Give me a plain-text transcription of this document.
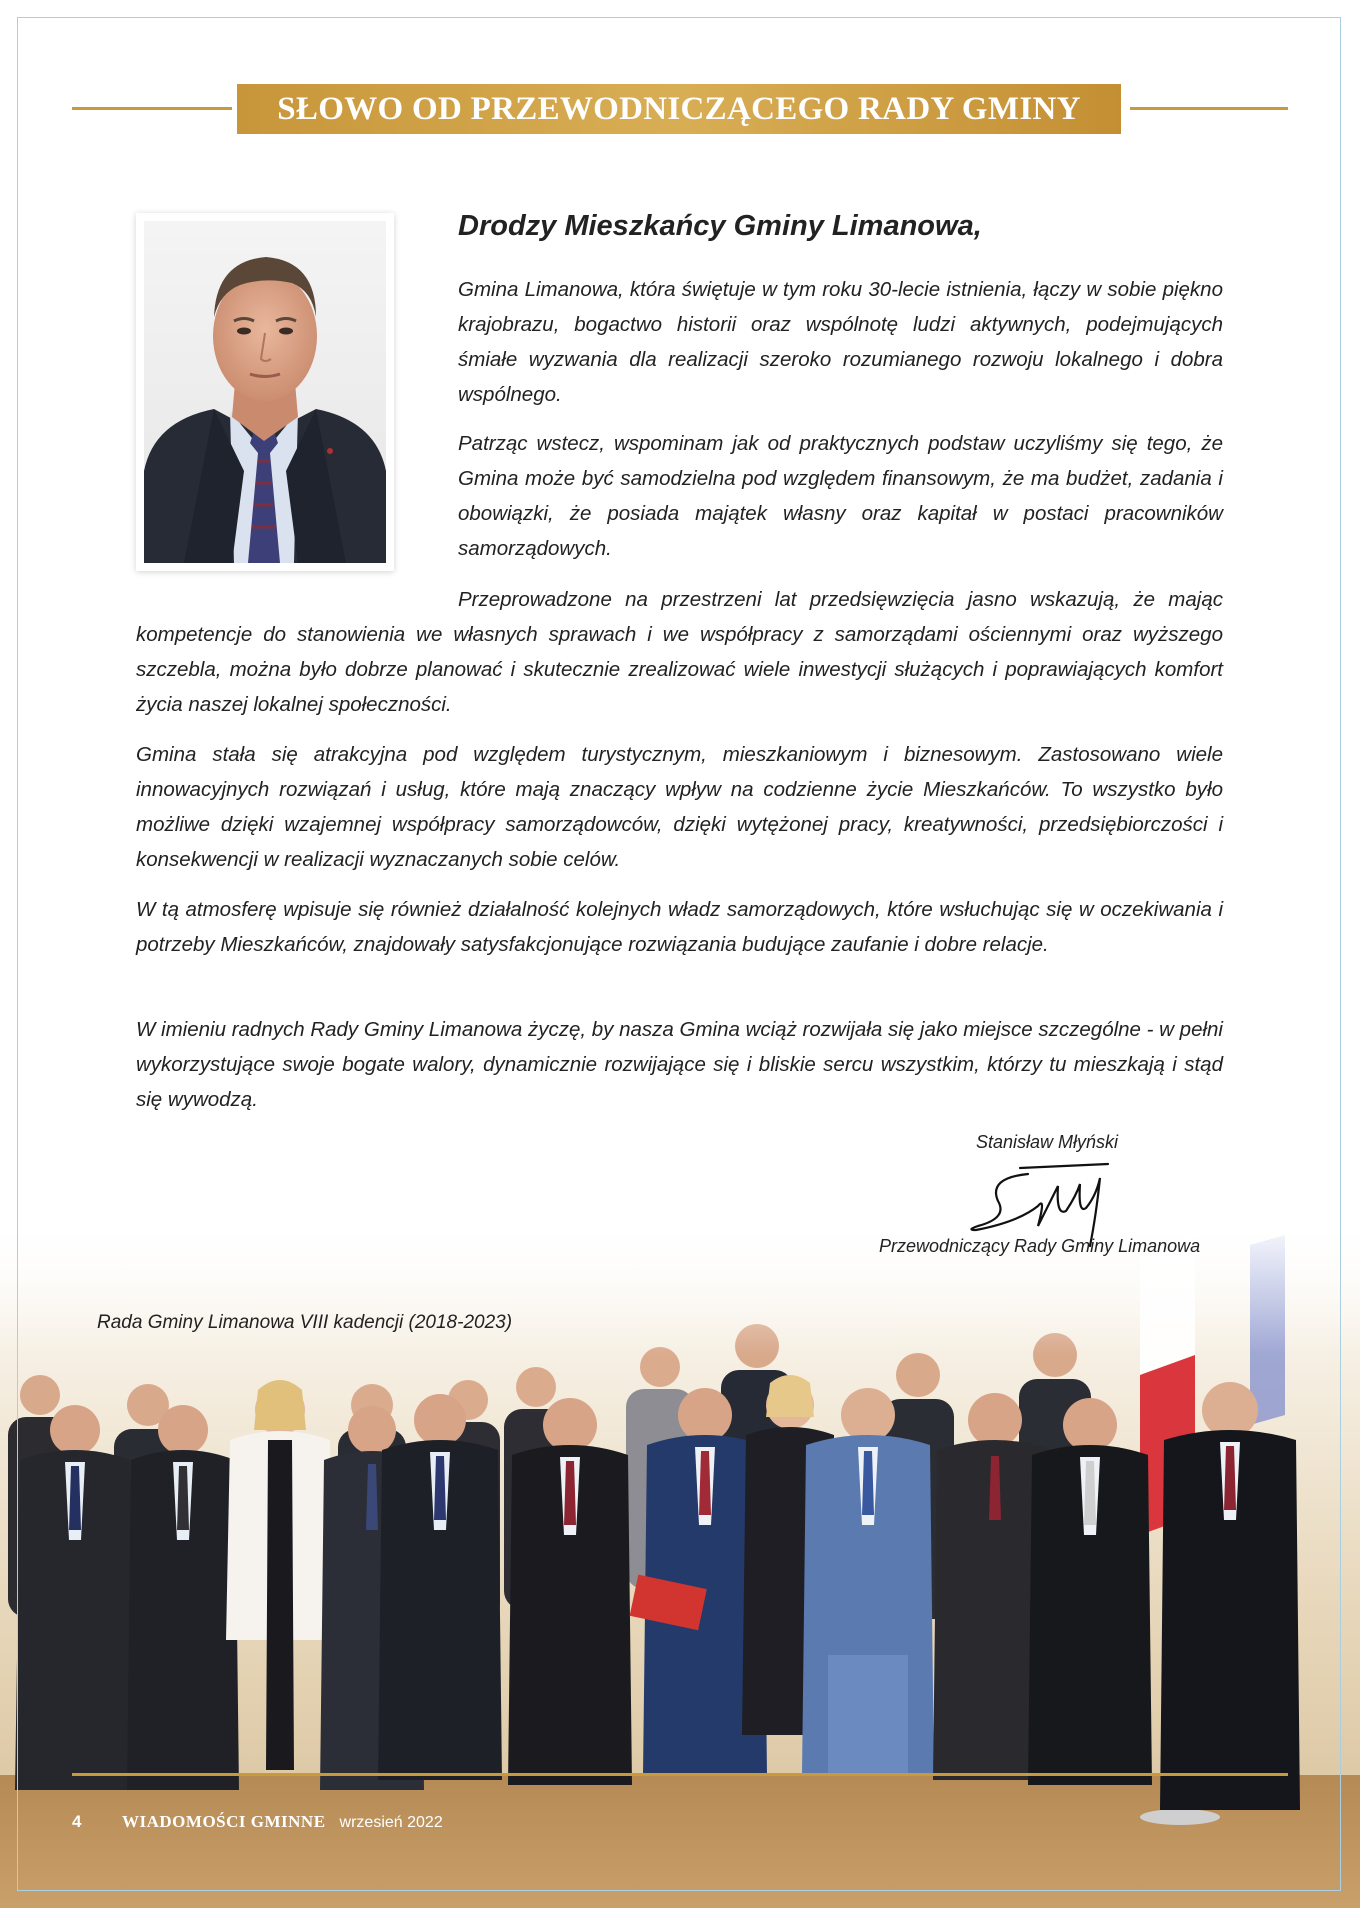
SŁOWO OD PRZEWODNICZĄCEGO RADY GMINY
Drodzy Mieszkańcy Gminy Limanowa,

Gmina Limanowa, która świętuje w tym roku 30-lecie istnienia, łączy w sobie piękno krajobrazu, bogactwo historii oraz wspólnotę ludzi aktywnych, podejmujących śmiałe wyzwania dla realizacji szeroko rozumianego rozwoju lokalnego i dobra wspólnego.

Patrząc wstecz, wspominam jak od praktycznych podstaw uczyliśmy się tego, że Gmina może być samodzielna pod względem finansowym, że ma budżet, zadania i obowiązki, że posiada majątek własny oraz kapitał w postaci pracowników samorządowych.

Przeprowadzone na przestrzeni lat przedsięwzięcia jasno wskazują, że mając kompetencje do stanowienia we własnych sprawach i we współpracy z samorządami ościennymi oraz wyższego szczebla, można było dobrze planować i skutecznie zrealizować wiele inwestycji służących i poprawiających komfort życia naszej lokalnej społeczności.

Gmina stała się atrakcyjna pod względem turystycznym, mieszkaniowym i biznesowym. Zastosowano wiele innowacyjnych rozwiązań i usług, które mają znaczący wpływ na codzienne życie Mieszkańców. To wszystko było możliwe dzięki wzajemnej współpracy samorządowców, dzięki wytężonej pracy, kreatywności, przedsiębiorczości i konsekwencji w realizacji wyznaczanych sobie celów.

W tą atmosferę wpisuje się również działalność kolejnych władz samorządowych, które wsłuchując się w oczekiwania i potrzeby Mieszkańców, znajdowały satysfakcjonujące rozwiązania budujące zaufanie i dobre relacje.

W imieniu radnych Rady Gminy Limanowa życzę, by nasza Gmina wciąż rozwijała się jako miejsce szczególne - w pełni wykorzystujące swoje bogate walory, dynamicznie rozwijające się i bliskie sercu wszystkim, którzy tu mieszkają i stąd się wywodzą.

Rada Gminy Limanowa VIII kadencji (2018-2023)
Stanisław Młyński
Przewodniczący Rady Gminy Limanowa
4	WIADOMOŚCI GMINNE wrzesień 2022
